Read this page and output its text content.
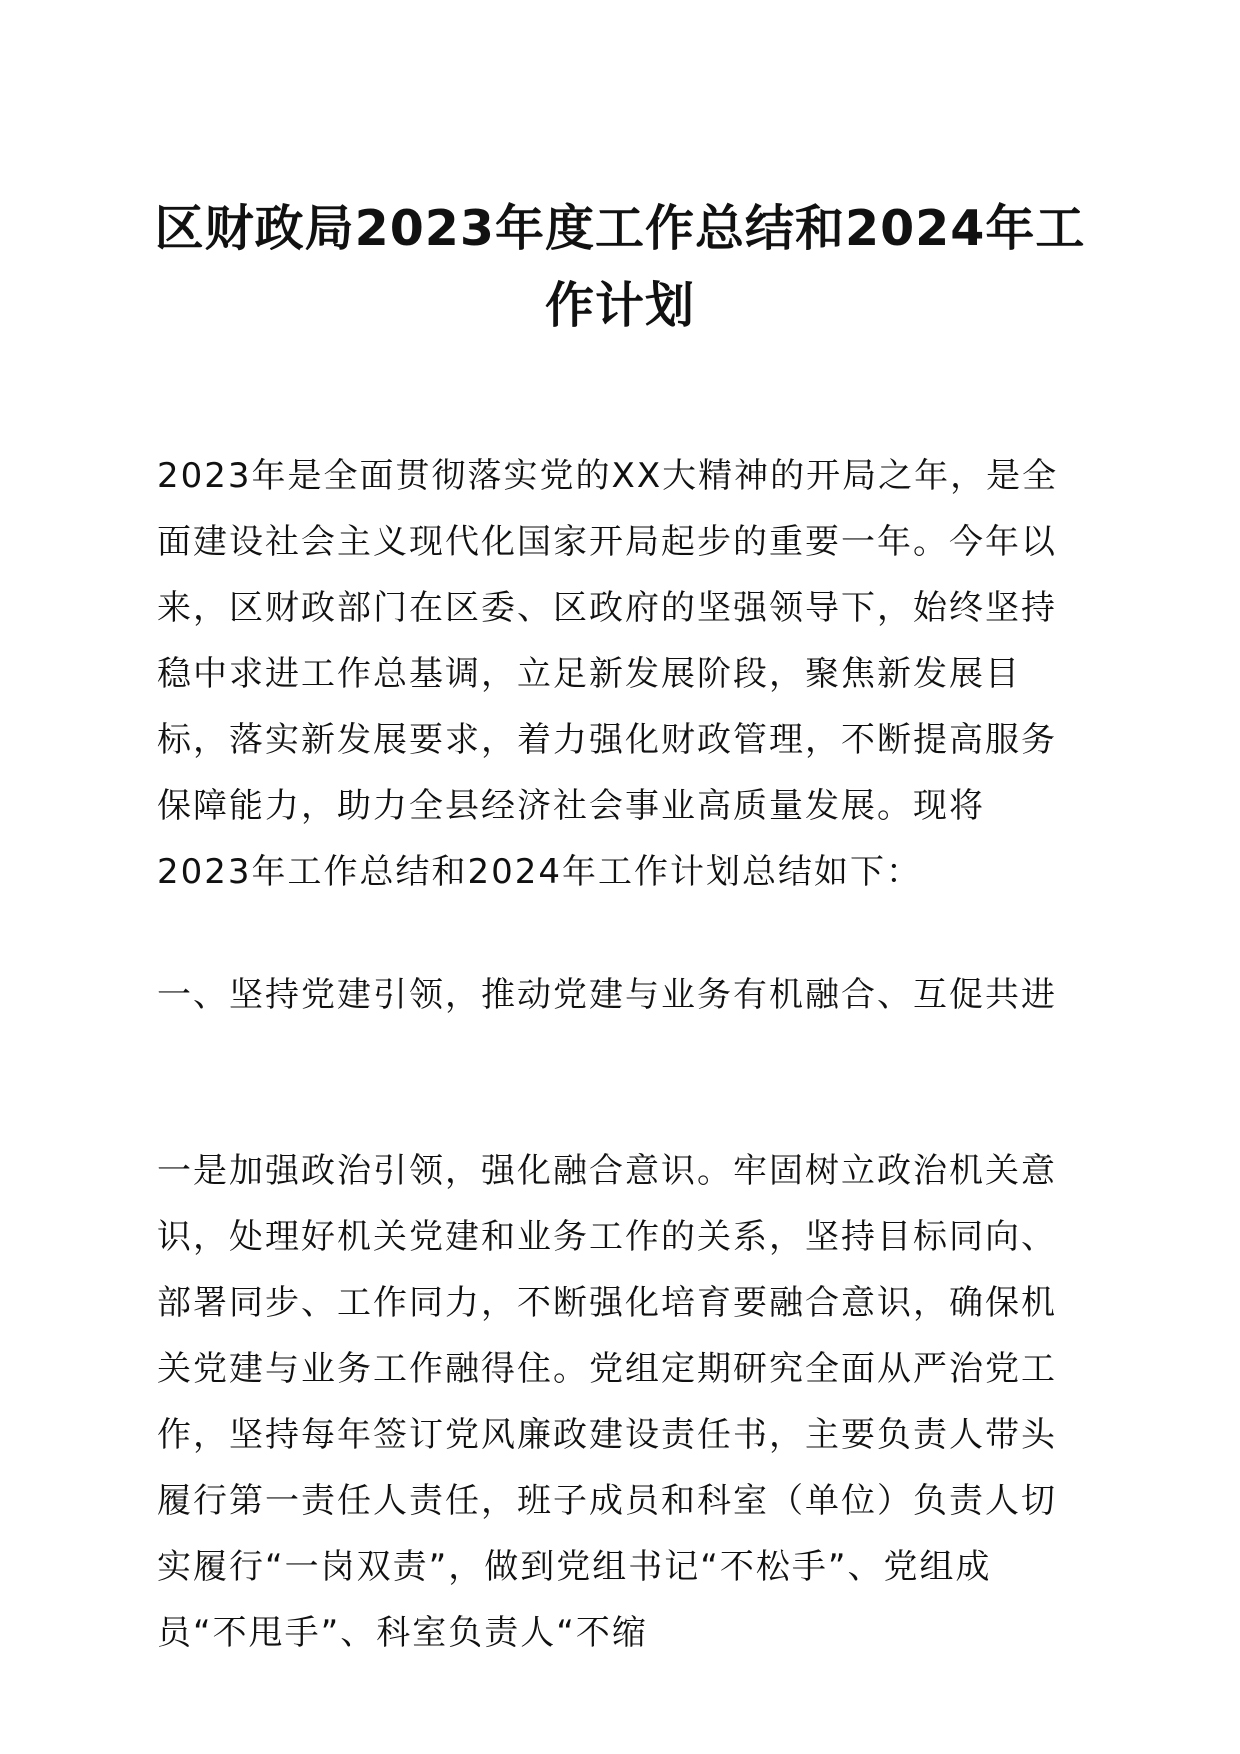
区财政局2023年度工作总结和2024年工作计划

2023年是全面贯彻落实党的XX大精神的开局之年，是全面建设社会主义现代化国家开局起步的重要一年。今年以来，区财政部门在区委、区政府的坚强领导下，始终坚持稳中求进工作总基调，立足新发展阶段，聚焦新发展目标，落实新发展要求，着力强化财政管理，不断提高服务保障能力，助力全县经济社会事业高质量发展。现将2023年工作总结和2024年工作计划总结如下：

一、坚持党建引领，推动党建与业务有机融合、互促共进

一是加强政治引领，强化融合意识。牢固树立政治机关意识，处理好机关党建和业务工作的关系，坚持目标同向、部署同步、工作同力，不断强化培育要融合意识，确保机关党建与业务工作融得住。党组定期研究全面从严治党工作，坚持每年签订党风廉政建设责任书，主要负责人带头履行第一责任人责任，班子成员和科室（单位）负责人切实履行“一岗双责”，做到党组书记“不松手”、党组成员“不甩手”、科室负责人“不缩
